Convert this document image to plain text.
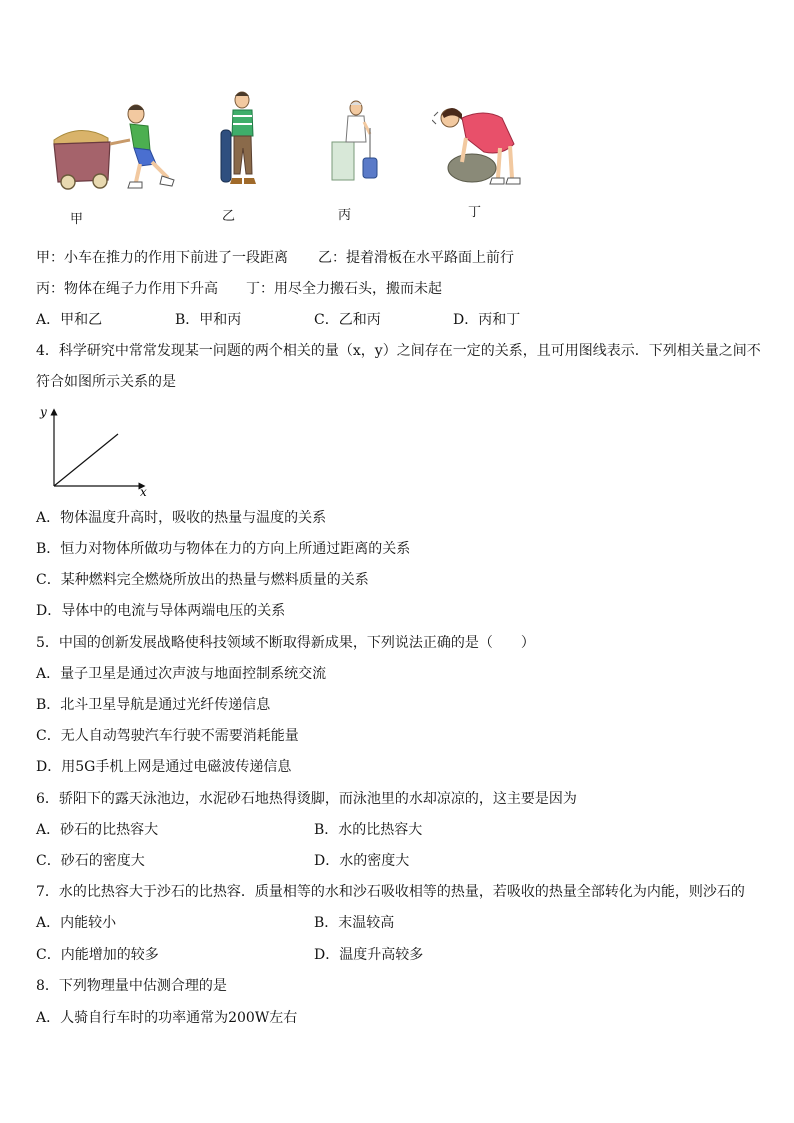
甲	乙	丙	丁
甲：小车在推力的作用下前进了一段距离 乙：提着滑板在水平路面上前行
丙：物体在绳子力作用下升高 丁：用尽全力搬石头，搬而未起
A．甲和乙	B．甲和丙	C．乙和丙	D．丙和丁
4．科学研究中常常发现某一问题的两个相关的量（x，y）之间存在一定的关系，且可用图线表示．下列相关量之间不
符合如图所示关系的是
y
x
A．物体温度升高时，吸收的热量与温度的关系
B．恒力对物体所做功与物体在力的方向上所通过距离的关系
C．某种燃料完全燃烧所放出的热量与燃料质量的关系
D．导体中的电流与导体两端电压的关系
5．中国的创新发展战略使科技领域不断取得新成果，下列说法正确的是（　　）
A．量子卫星是通过次声波与地面控制系统交流
B．北斗卫星导航是通过光纤传递信息
C．无人自动驾驶汽车行驶不需要消耗能量
D．用5G手机上网是通过电磁波传递信息
6．骄阳下的露天泳池边，水泥砂石地热得烫脚，而泳池里的水却凉凉的，这主要是因为
A．砂石的比热容大	B．水的比热容大
C．砂石的密度大	D．水的密度大
7．水的比热容大于沙石的比热容．质量相等的水和沙石吸收相等的热量，若吸收的热量全部转化为内能，则沙石的
A．内能较小	B．末温较高
C．内能增加的较多	D．温度升高较多
8．下列物理量中估测合理的是
A．人骑自行车时的功率通常为200W左右
